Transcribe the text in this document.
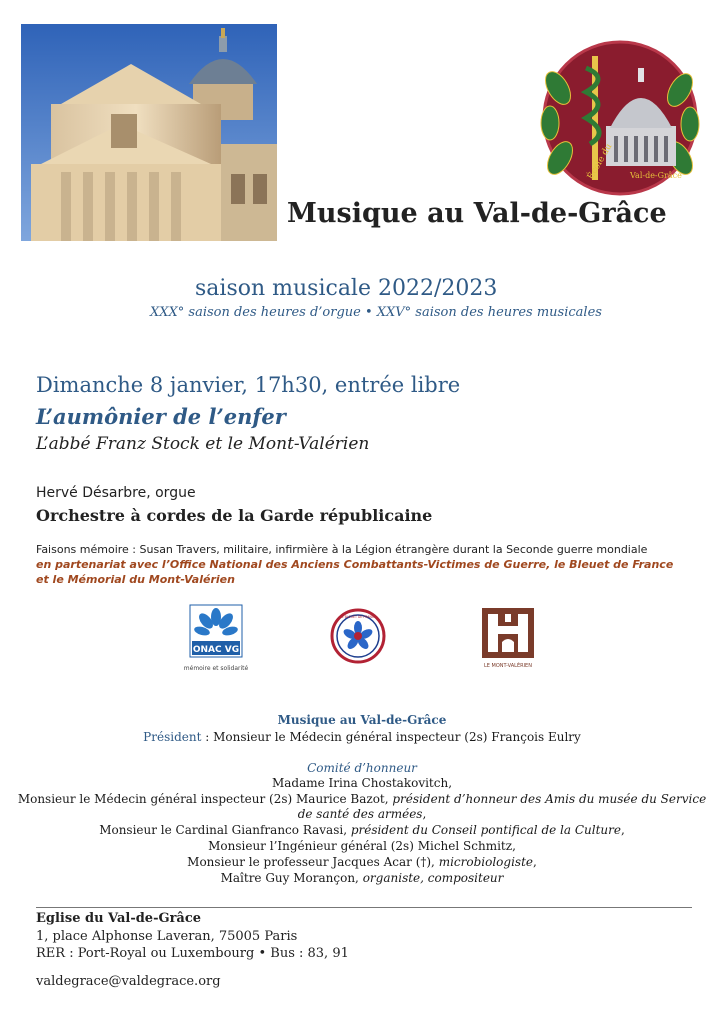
École du Val-de-Grâce
Musique au Val-de-Grâce
saison musicale 2022/2023
XXX° saison des heures d’orgue • XXV° saison des heures musicales
Dimanche 8 janvier, 17h30, entrée libre
L’aumônier de l’enfer
L’abbé Franz Stock et le Mont-Valérien
Hervé Désarbre, orgue
Orchestre à cordes de la Garde républicaine
Faisons mémoire : Susan Travers, militaire, infirmière à la Légion étrangère durant la Seconde guerre mondiale
en partenariat avec l’Office National des Anciens Combattants-Victimes de Guerre, le Bleuet de France
et le Mémorial du Mont-Valérien
ONAC VG
mémoire et solidarité
LE BLEUET DE FRANCE
LE MONT-VALÉRIEN
Musique au Val-de-Grâce
Président : Monsieur le Médecin général inspecteur (2s) François Eulry
Comité d’honneur
Madame Irina Chostakovitch,
Monsieur le Médecin général inspecteur (2s) Maurice Bazot, président d’honneur des Amis du musée du Service
de santé des armées,
Monsieur le Cardinal Gianfranco Ravasi, président du Conseil pontifical de la Culture,
Monsieur l’Ingénieur général (2s) Michel Schmitz,
Monsieur le professeur Jacques Acar (†), microbiologiste,
Maître Guy Morançon, organiste, compositeur
Eglise du Val-de-Grâce
1, place Alphonse Laveran, 75005 Paris
RER : Port-Royal ou Luxembourg • Bus : 83, 91
valdegrace@valdegrace.org
